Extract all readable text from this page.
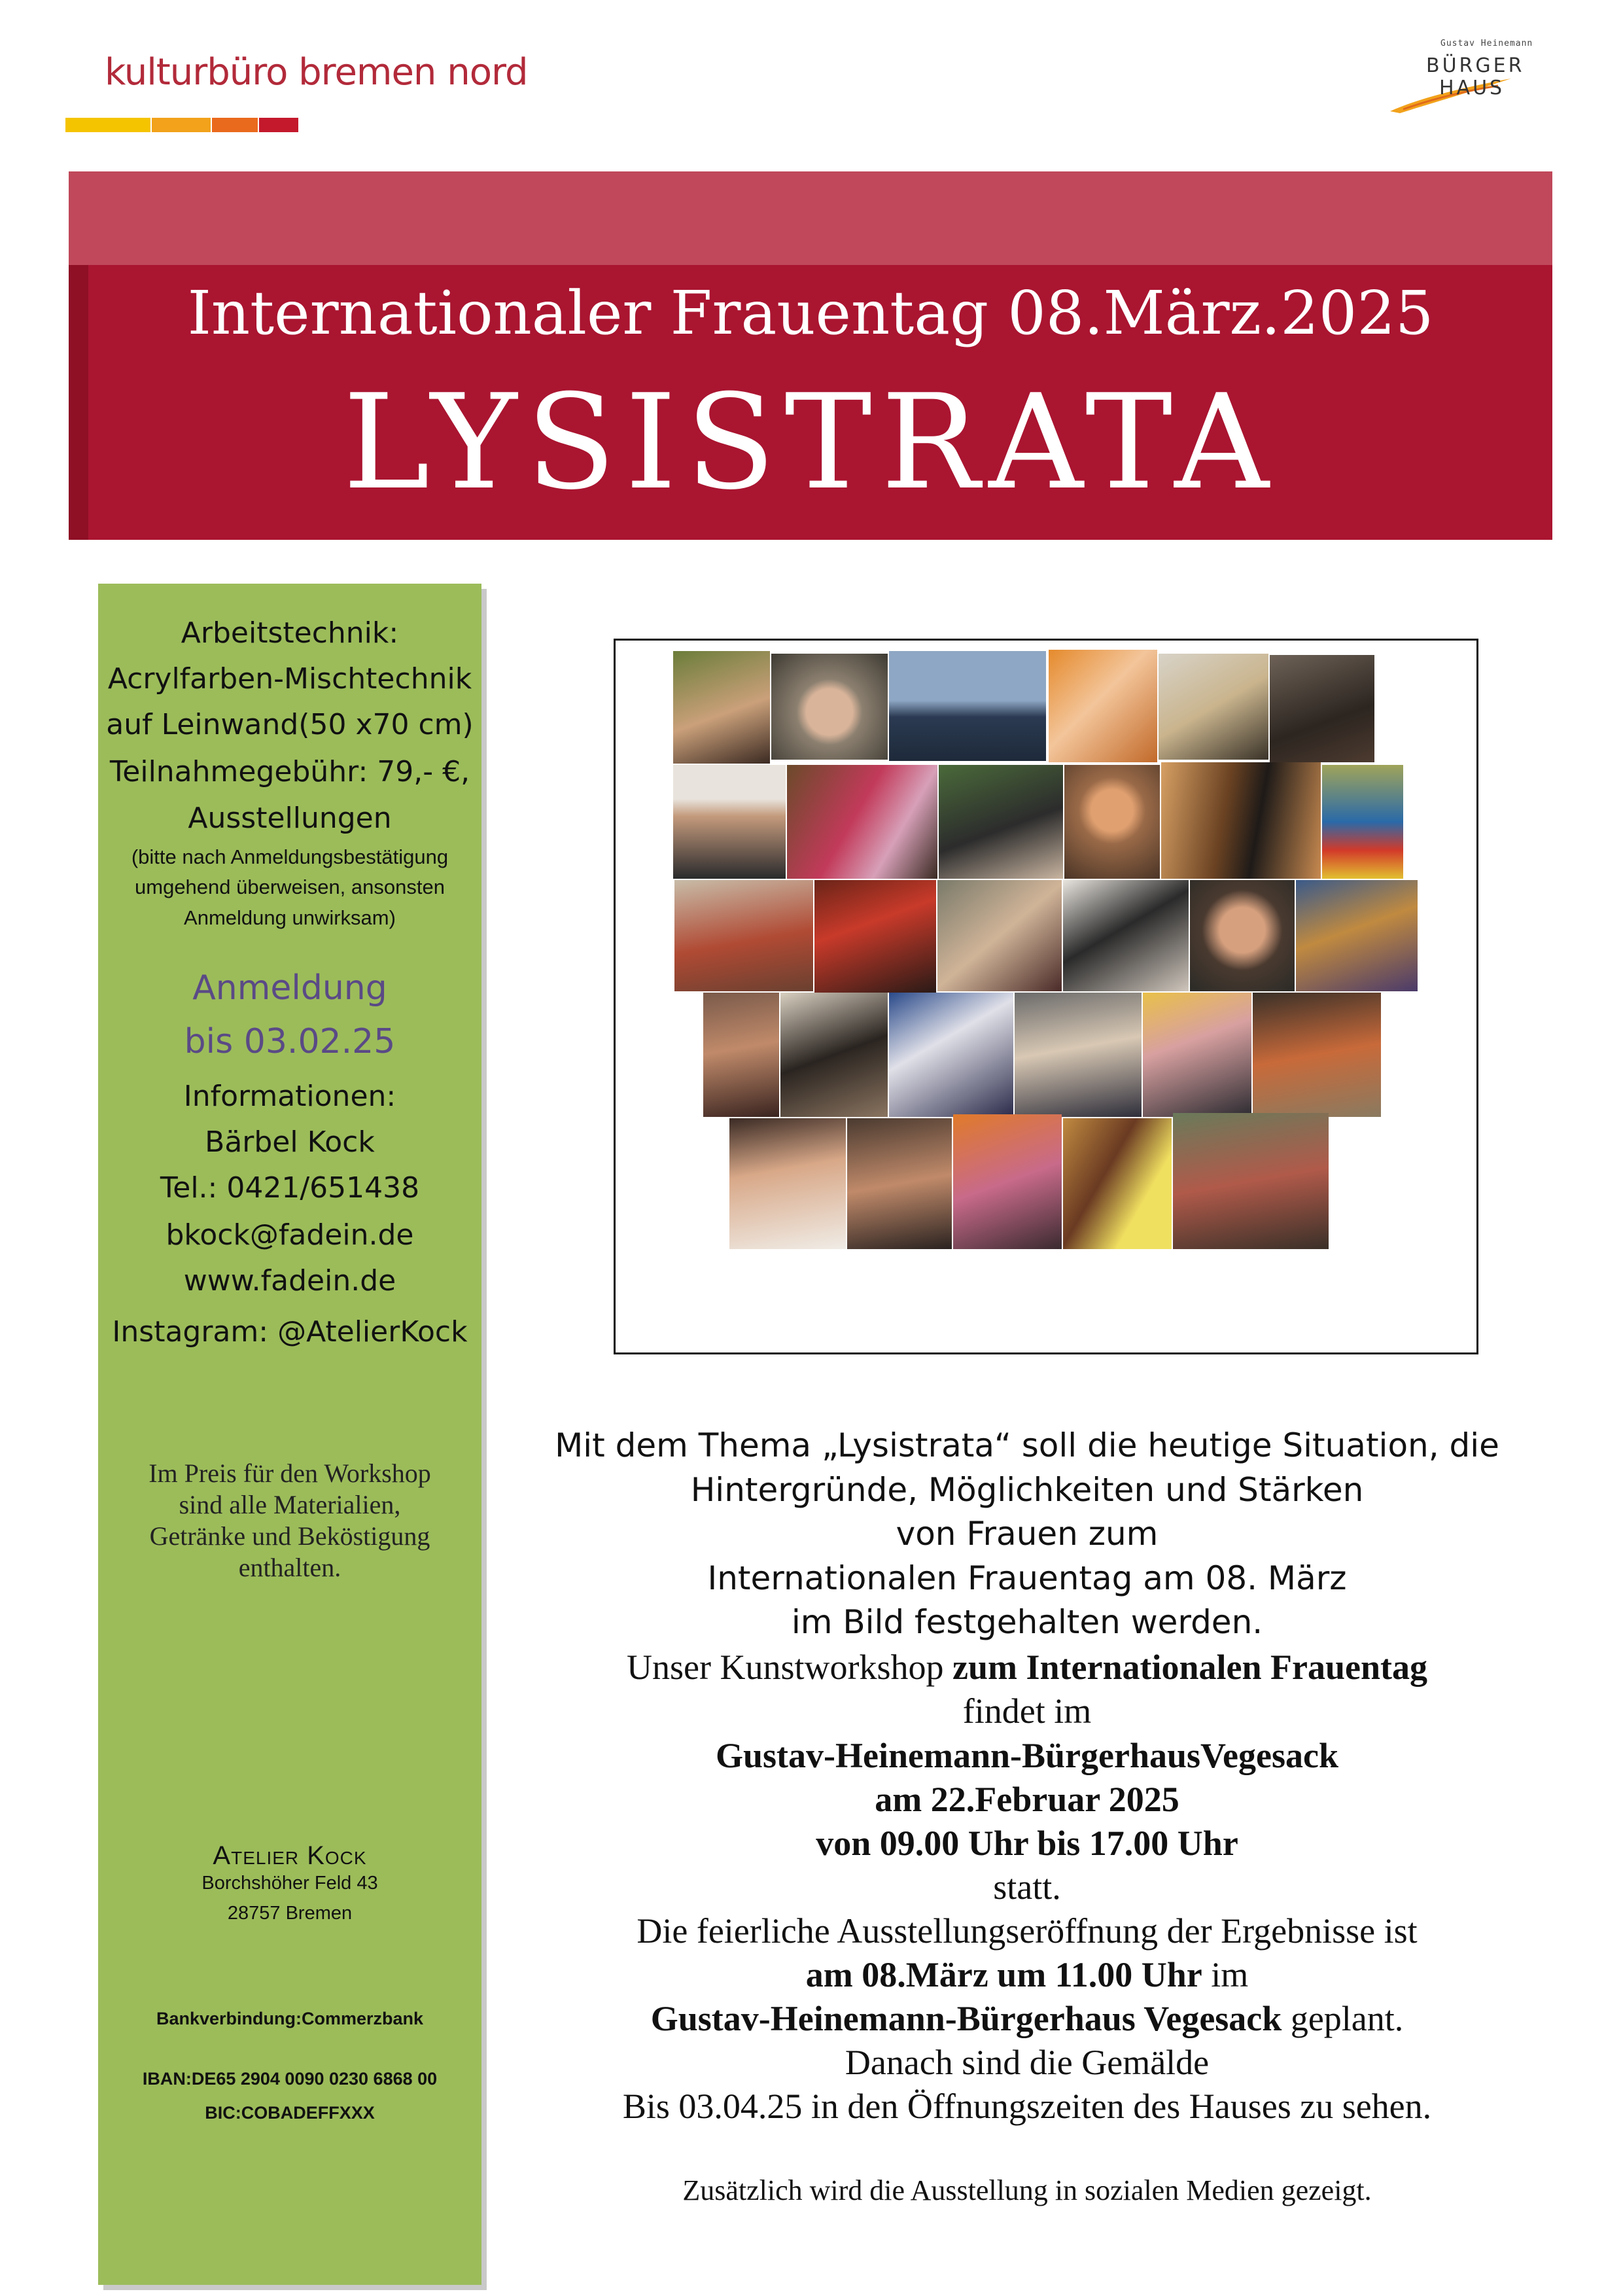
kulturbüro bremen nord
Gustav Heinemann
BÜRGER
HAUS
Internationaler Frauentag 08.März.2025
LYSISTRATA
Arbeitstechnik:
Acrylfarben-Mischtechnik
auf Leinwand(50 x70 cm)
Teilnahmegebühr: 79,- €,
Ausstellungen
(bitte nach Anmeldungsbestätigung
umgehend überweisen, ansonsten
Anmeldung unwirksam)
Anmeldung
bis 03.02.25
Informationen:
Bärbel Kock
Tel.: 0421/651438
bkock@fadein.de
www.fadein.de
Instagram: @AtelierKock
Im Preis für den Workshop
sind alle Materialien,
Getränke und Beköstigung
enthalten.
Atelier Kock
Borchshöher Feld 43
28757 Bremen
Bankverbindung:Commerzbank
IBAN:DE65 2904 0090 0230 6868 00
BIC:COBADEFFXXX
Mit dem Thema „Lysistrata“ soll die heutige Situation, die
Hintergründe, Möglichkeiten und Stärken
von Frauen zum
Internationalen Frauentag am 08. März
im Bild festgehalten werden.
Unser Kunstworkshop zum Internationalen Frauentag
findet im
Gustav-Heinemann-BürgerhausVegesack
am 22.Februar 2025
von 09.00 Uhr bis 17.00 Uhr
statt.
Die feierliche Ausstellungseröffnung der Ergebnisse ist
am 08.März um 11.00 Uhr im
Gustav-Heinemann-Bürgerhaus Vegesack geplant.
Danach sind die Gemälde
Bis 03.04.25 in den Öffnungszeiten des Hauses zu sehen.
Zusätzlich wird die Ausstellung in sozialen Medien gezeigt.
